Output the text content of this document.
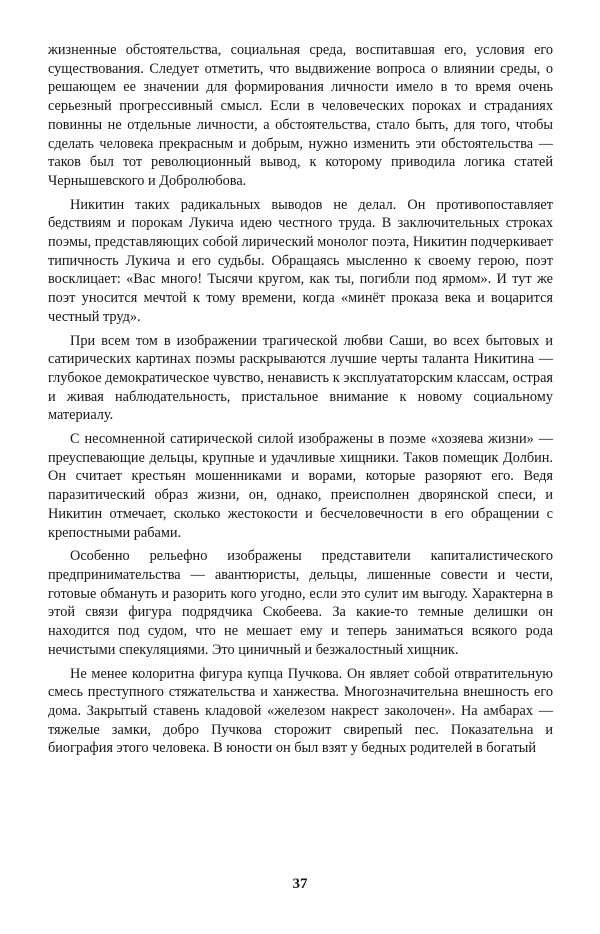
жизненные обстоятельства, социальная среда, воспитавшая его, условия его существования. Следует отметить, что выдвижение вопроса о влиянии среды, о решающем ее значении для формирования личности имело в то время очень серьезный прогрессивный смысл. Если в человеческих пороках и страданиях повинны не отдельные личности, а обстоятельства, стало быть, для того, чтобы сделать человека прекрасным и добрым, нужно изменить эти обстоятельства — таков был тот революционный вывод, к которому приводила логика статей Чернышевского и Добролюбова.

Никитин таких радикальных выводов не делал. Он противопоставляет бедствиям и порокам Лукича идею честного труда. В заключительных строках поэмы, представляющих собой лирический монолог поэта, Никитин подчеркивает типичность Лукича и его судьбы. Обращаясь мысленно к своему герою, поэт восклицает: «Вас много! Тысячи кругом, как ты, погибли под ярмом». И тут же поэт уносится мечтой к тому времени, когда «минёт проказа века и воцарится честный труд».

При всем том в изображении трагической любви Саши, во всех бытовых и сатирических картинах поэмы раскрываются лучшие черты таланта Никитина — глубокое демократическое чувство, ненависть к эксплуататорским классам, острая и живая наблюдательность, пристальное внимание к новому социальному материалу.

С несомненной сатирической силой изображены в поэме «хозяева жизни» — преуспевающие дельцы, крупные и удачливые хищники. Таков помещик Долбин. Он считает крестьян мошенниками и ворами, которые разоряют его. Ведя паразитический образ жизни, он, однако, преисполнен дворянской спеси, и Никитин отмечает, сколько жестокости и бесчеловечности в его обращении с крепостными рабами.

Особенно рельефно изображены представители капиталистического предпринимательства — авантюристы, дельцы, лишенные совести и чести, готовые обмануть и разорить кого угодно, если это сулит им выгоду. Характерна в этой связи фигура подрядчика Скобеева. За какие-то темные делишки он находится под судом, что не мешает ему и теперь заниматься всякого рода нечистыми спекуляциями. Это циничный и безжалостный хищник.

Не менее колоритна фигура купца Пучкова. Он являет собой отвратительную смесь преступного стяжательства и ханжества. Многозначительна внешность его дома. Закрытый ставень кладовой «железом накрест заколочен». На амбарах — тяжелые замки, добро Пучкова сторожит свирепый пес. Показательна и биография этого человека. В юности он был взят у бедных родителей в богатый

37
